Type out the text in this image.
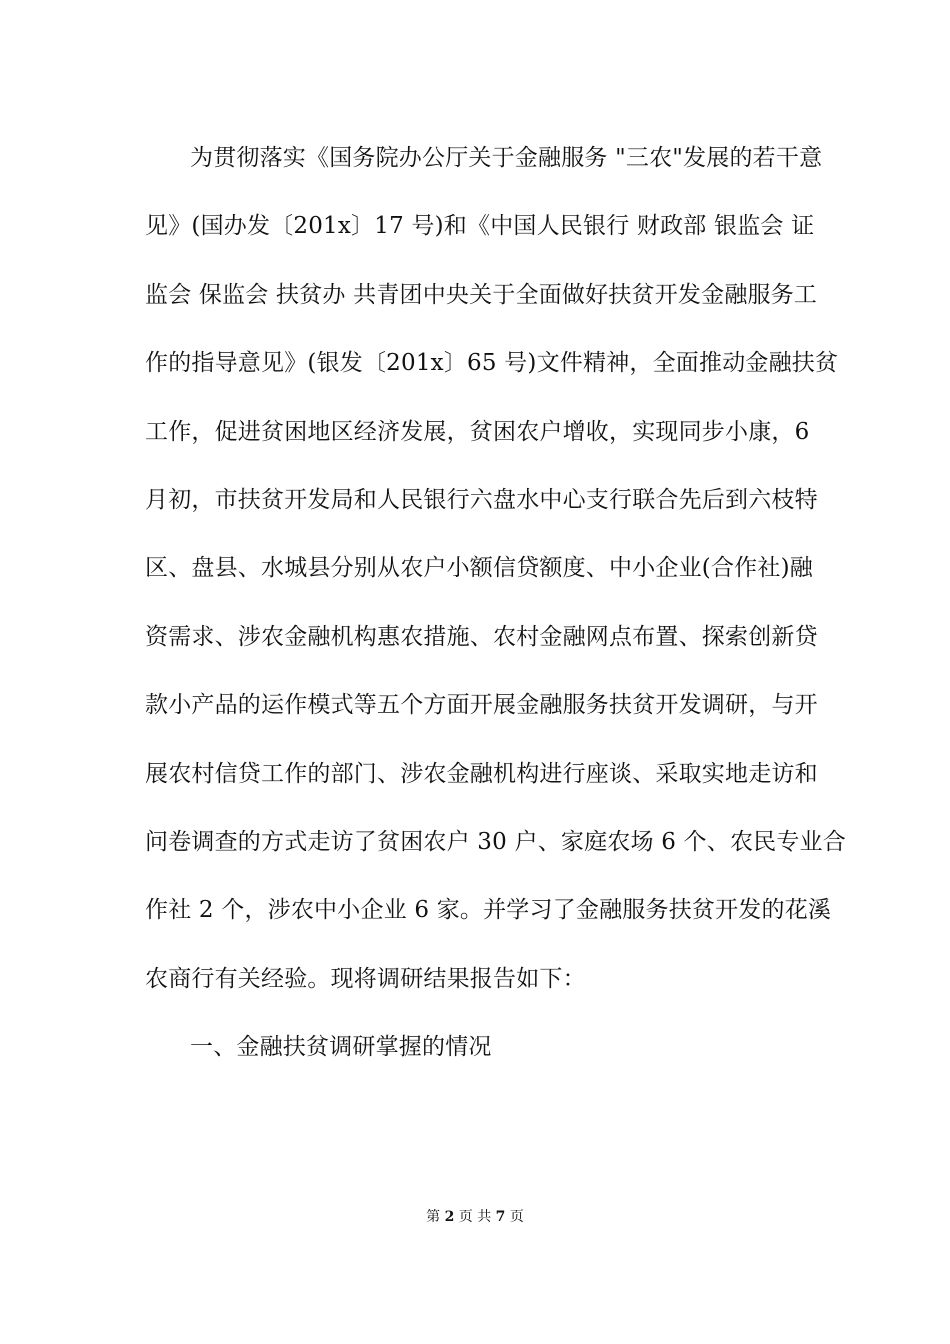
为贯彻落实《国务院办公厅关于金融服务 "三农"发展的若干意
见》(国办发〔201x〕17 号)和《中国人民银行 财政部 银监会 证
监会 保监会 扶贫办 共青团中央关于全面做好扶贫开发金融服务工
作的指导意见》(银发〔201x〕65 号)文件精神，全面推动金融扶贫
工作，促进贫困地区经济发展，贫困农户增收，实现同步小康，6
月初，市扶贫开发局和人民银行六盘水中心支行联合先后到六枝特
区、盘县、水城县分别从农户小额信贷额度、中小企业(合作社)融
资需求、涉农金融机构惠农措施、农村金融网点布置、探索创新贷
款小产品的运作模式等五个方面开展金融服务扶贫开发调研，与开
展农村信贷工作的部门、涉农金融机构进行座谈、采取实地走访和
问卷调查的方式走访了贫困农户 30 户、家庭农场 6 个、农民专业合
作社 2 个，涉农中小企业 6 家。并学习了金融服务扶贫开发的花溪
农商行有关经验。现将调研结果报告如下：
一、金融扶贫调研掌握的情况
第 2 页 共 7 页
